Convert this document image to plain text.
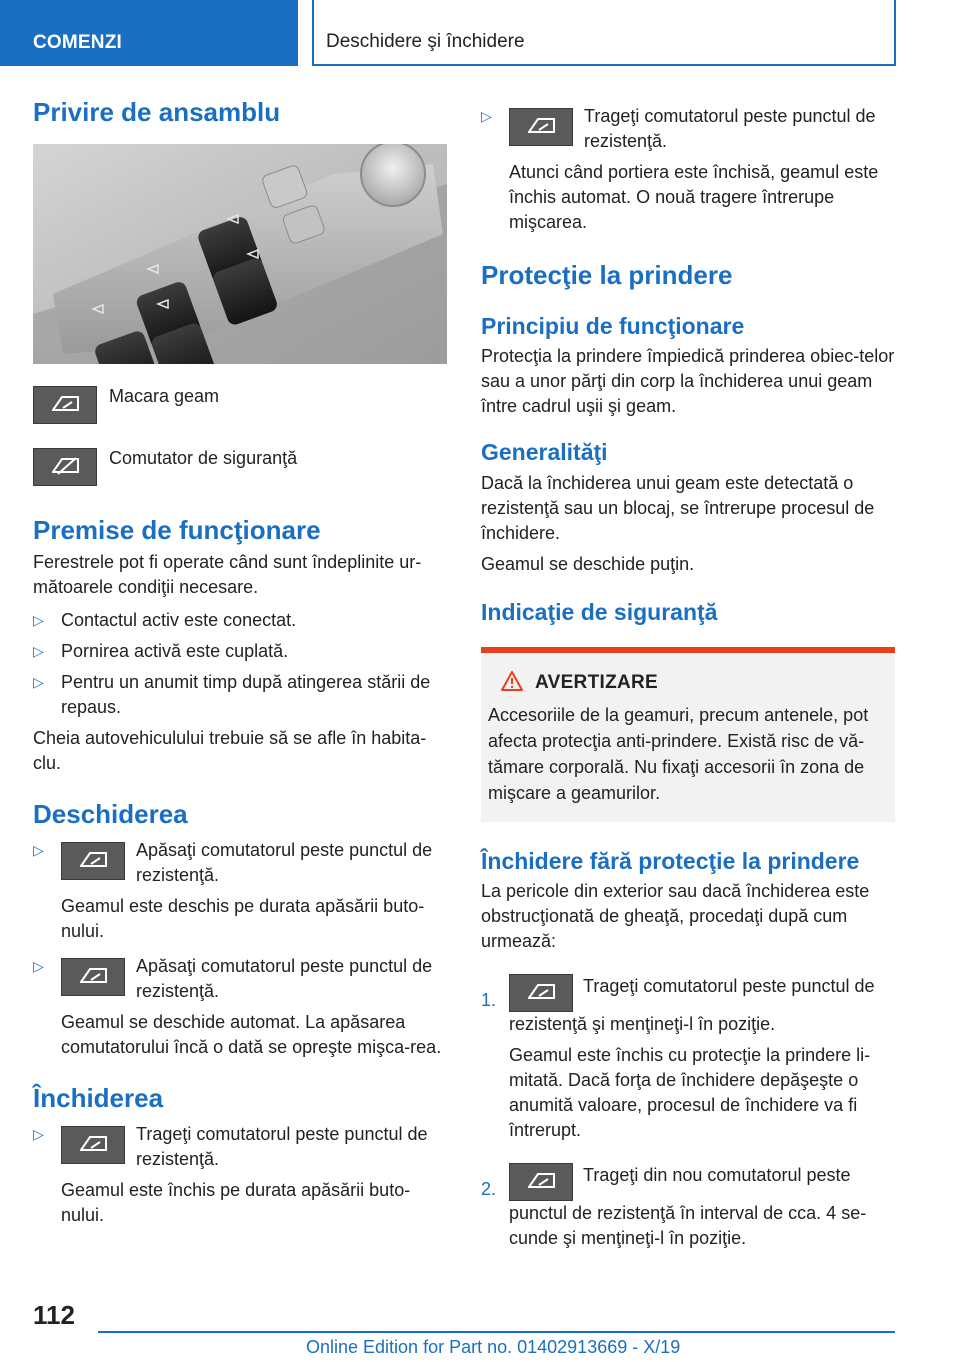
COMENZI	Deschidere şi închidere
Privire de ansamblu
Macara geam
Comutator de siguranţă
Premise de funcţionare

Ferestrele pot fi operate când sunt îndeplinite ur-mătoarele condiţii necesare.

▷ Contactul activ este conectat.
▷ Pornirea activă este cuplată.
▷ Pentru un anumit timp după atingerea stării de repaus.

Cheia autovehiculului trebuie să se afle în habita-clu.

Deschiderea
▷	Apăsaţi comutatorul peste punctul de rezistenţă.

Geamul este deschis pe durata apăsării buto-nului.

▷	Apăsaţi comutatorul peste punctul de rezistenţă.

Geamul se deschide automat. La apăsarea comutatorului încă o dată se opreşte mişca-rea.

Închiderea
▷	Trageţi comutatorul peste punctul de rezistenţă.

Geamul este închis pe durata apăsării buto-nului.

▷	Trageţi comutatorul peste punctul de rezistenţă.

Atunci când portiera este închisă, geamul este închis automat. O nouă tragere întrerupe mişcarea.

Protecţie la prindere
Principiu de funcţionare

Protecţia la prindere împiedică prinderea obiec-telor sau a unor părţi din corp la închiderea unui geam între cadrul uşii şi geam.

Generalităţi

Dacă la închiderea unui geam este detectată o rezistenţă sau un blocaj, se întrerupe procesul de închidere.

Geamul se deschide puţin.

Indicaţie de siguranţă
AVERTIZARE

Accesoriile de la geamuri, precum antenele, pot afecta protecţia anti-prindere. Există risc de vă-tămare corporală. Nu fixaţi accesorii în zona de mişcare a geamurilor.

Închidere fără protecţie la prindere

La pericole din exterior sau dacă închiderea este obstrucţionată de gheaţă, procedaţi după cum urmează:

1.

Trageţi comutatorul peste punctul de rezistenţă şi menţineţi-l în poziţie.

Geamul este închis cu protecţie la prindere li-mitată. Dacă forţa de închidere depăşeşte o anumită valoare, procesul de închidere va fi întrerupt.

2.

Trageţi din nou comutatorul peste punctul de rezistenţă în interval de cca. 4 se-cunde şi menţineţi-l în poziţie.

112
Online Edition for Part no. 01402913669 - X/19
